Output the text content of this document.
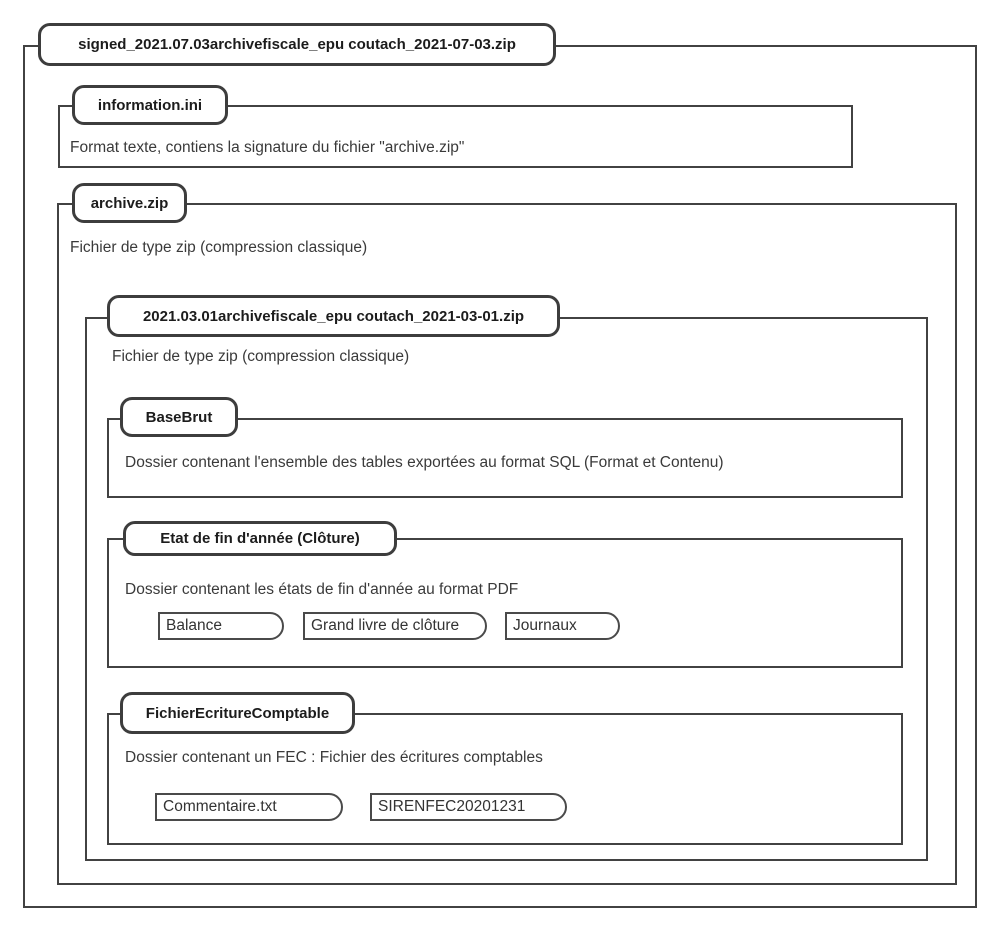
signed_2021.07.03archivefiscale_epu coutach_2021-07-03.zip
information.ini
Format texte, contiens la signature du fichier "archive.zip"
archive.zip
Fichier de type zip (compression classique)
2021.03.01archivefiscale_epu coutach_2021-03-01.zip
Fichier de type zip (compression classique)
BaseBrut
Dossier contenant l'ensemble des tables exportées au format SQL (Format et Contenu)
Etat de fin d'année (Clôture)
Dossier contenant les états de fin d'année au format PDF
Balance	Grand livre de clôture	Journaux
FichierEcritureComptable
Dossier contenant un FEC : Fichier des écritures comptables
Commentaire.txt	SIRENFEC20201231
